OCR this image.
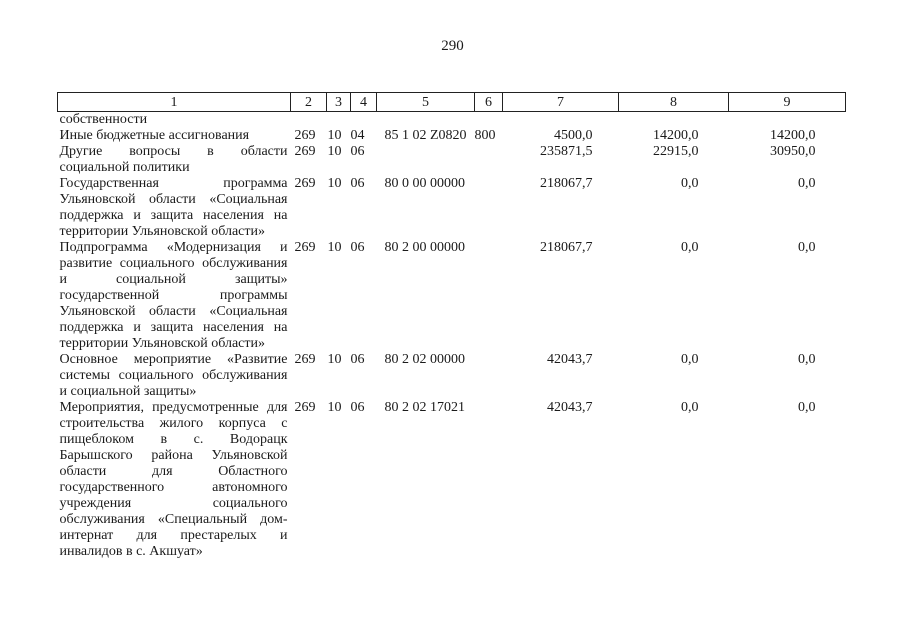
290
1	2	3	4	5	6	7	8	9
собственности								
Иные бюджетные ассигнования	269	10	04	85 1 02 Z0820	800	4500,0	14200,0	14200,0
Другие вопросы в области социальной политики	269	10	06			235871,5	22915,0	30950,0
Государственная программа Ульяновской области «Социальная поддержка и защита населения на территории Ульяновской области»	269	10	06	80 0 00 00000		218067,7	0,0	0,0
Подпрограмма «Модернизация и развитие социального обслуживания и социальной защиты» государственной программы Ульяновской области «Социальная поддержка и защита населения на территории Ульяновской области»	269	10	06	80 2 00 00000		218067,7	0,0	0,0
Основное мероприятие «Развитие системы социального обслуживания и социальной защиты»	269	10	06	80 2 02 00000		42043,7	0,0	0,0
Мероприятия, предусмотренные для строительства жилого корпуса с пищеблоком в с. Водорацк Барышского района Ульяновской области для Областного государственного автономного учреждения социального обслуживания «Специальный дом-интернат для престарелых и инвалидов в с. Акшуат»	269	10	06	80 2 02 17021		42043,7	0,0	0,0
